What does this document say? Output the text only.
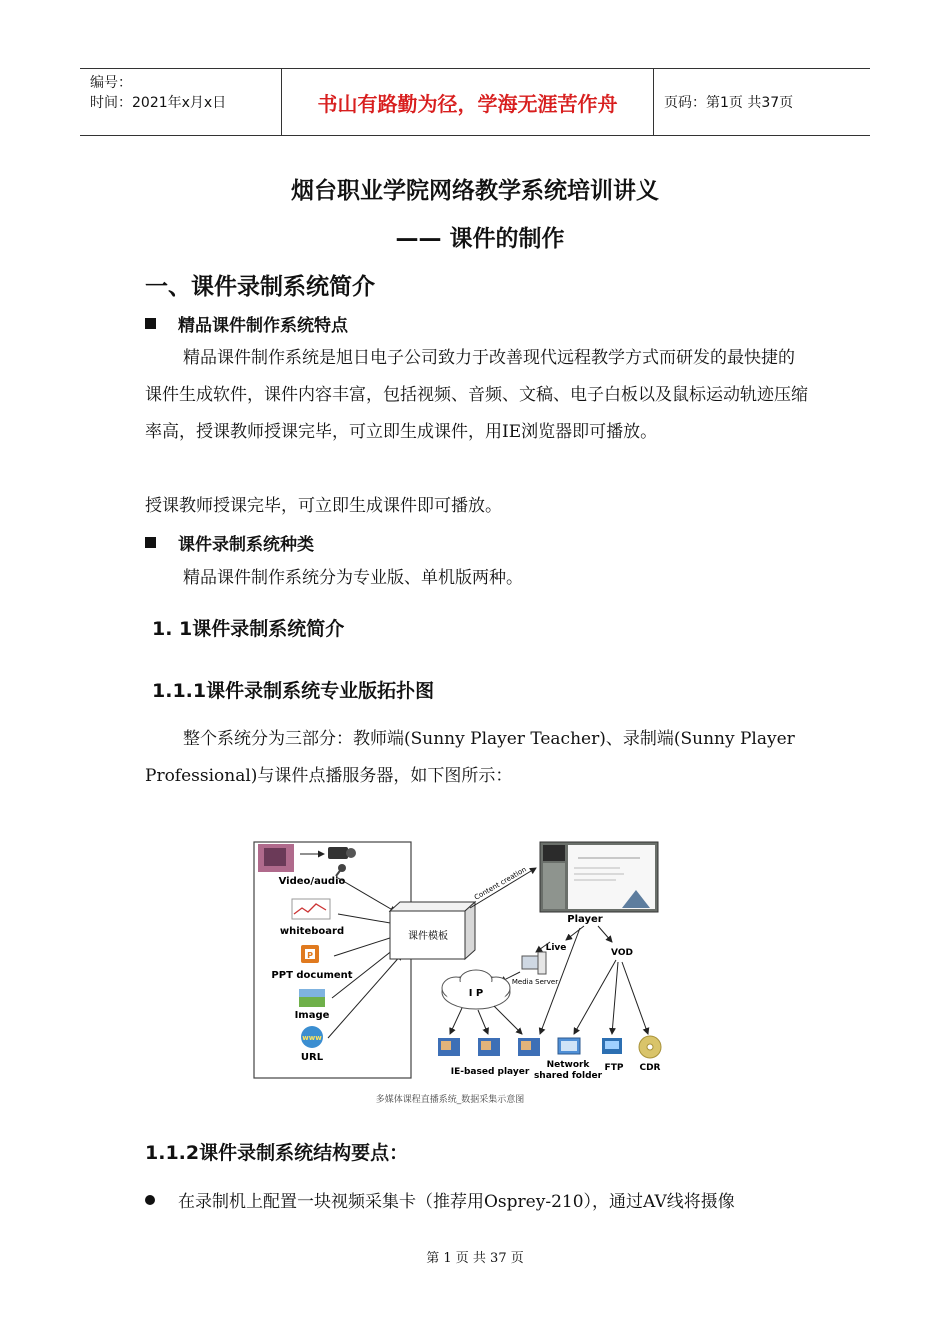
编号：
时间：2021年x月x日	书山有路勤为径，学海无涯苦作舟	页码：第1页 共37页
烟台职业学院网络教学系统培训讲义
—— 课件的制作
一、课件录制系统简介
精品课件制作系统特点
精品课件制作系统是旭日电子公司致力于改善现代远程教学方式而研发的最快捷的课件生成软件，课件内容丰富，包括视频、音频、文稿、电子白板以及鼠标运动轨迹压缩率高，授课教师授课完毕，可立即生成课件，用IE浏览器即可播放。
授课教师授课完毕，可立即生成课件即可播放。
课件录制系统种类
精品课件制作系统分为专业版、单机版两种。
1. 1课件录制系统简介
1.1.1课件录制系统专业版拓扑图
整个系统分为三部分：教师端(Sunny Player Teacher)、录制端(Sunny Player Professional)与课件点播服务器，如下图所示：
Video/audio
whiteboard
P
PPT document
Image
www
URL
课件模板
Content creation
Player
Live	VOD
Media Server
I P
IE-based player
Network
shared folder
FTP CDR
多媒体课程直播系统_数据采集示意图
1.1.2课件录制系统结构要点：
在录制机上配置一块视频采集卡（推荐用Osprey-210），通过AV线将摄像
第 1 页 共 37 页
